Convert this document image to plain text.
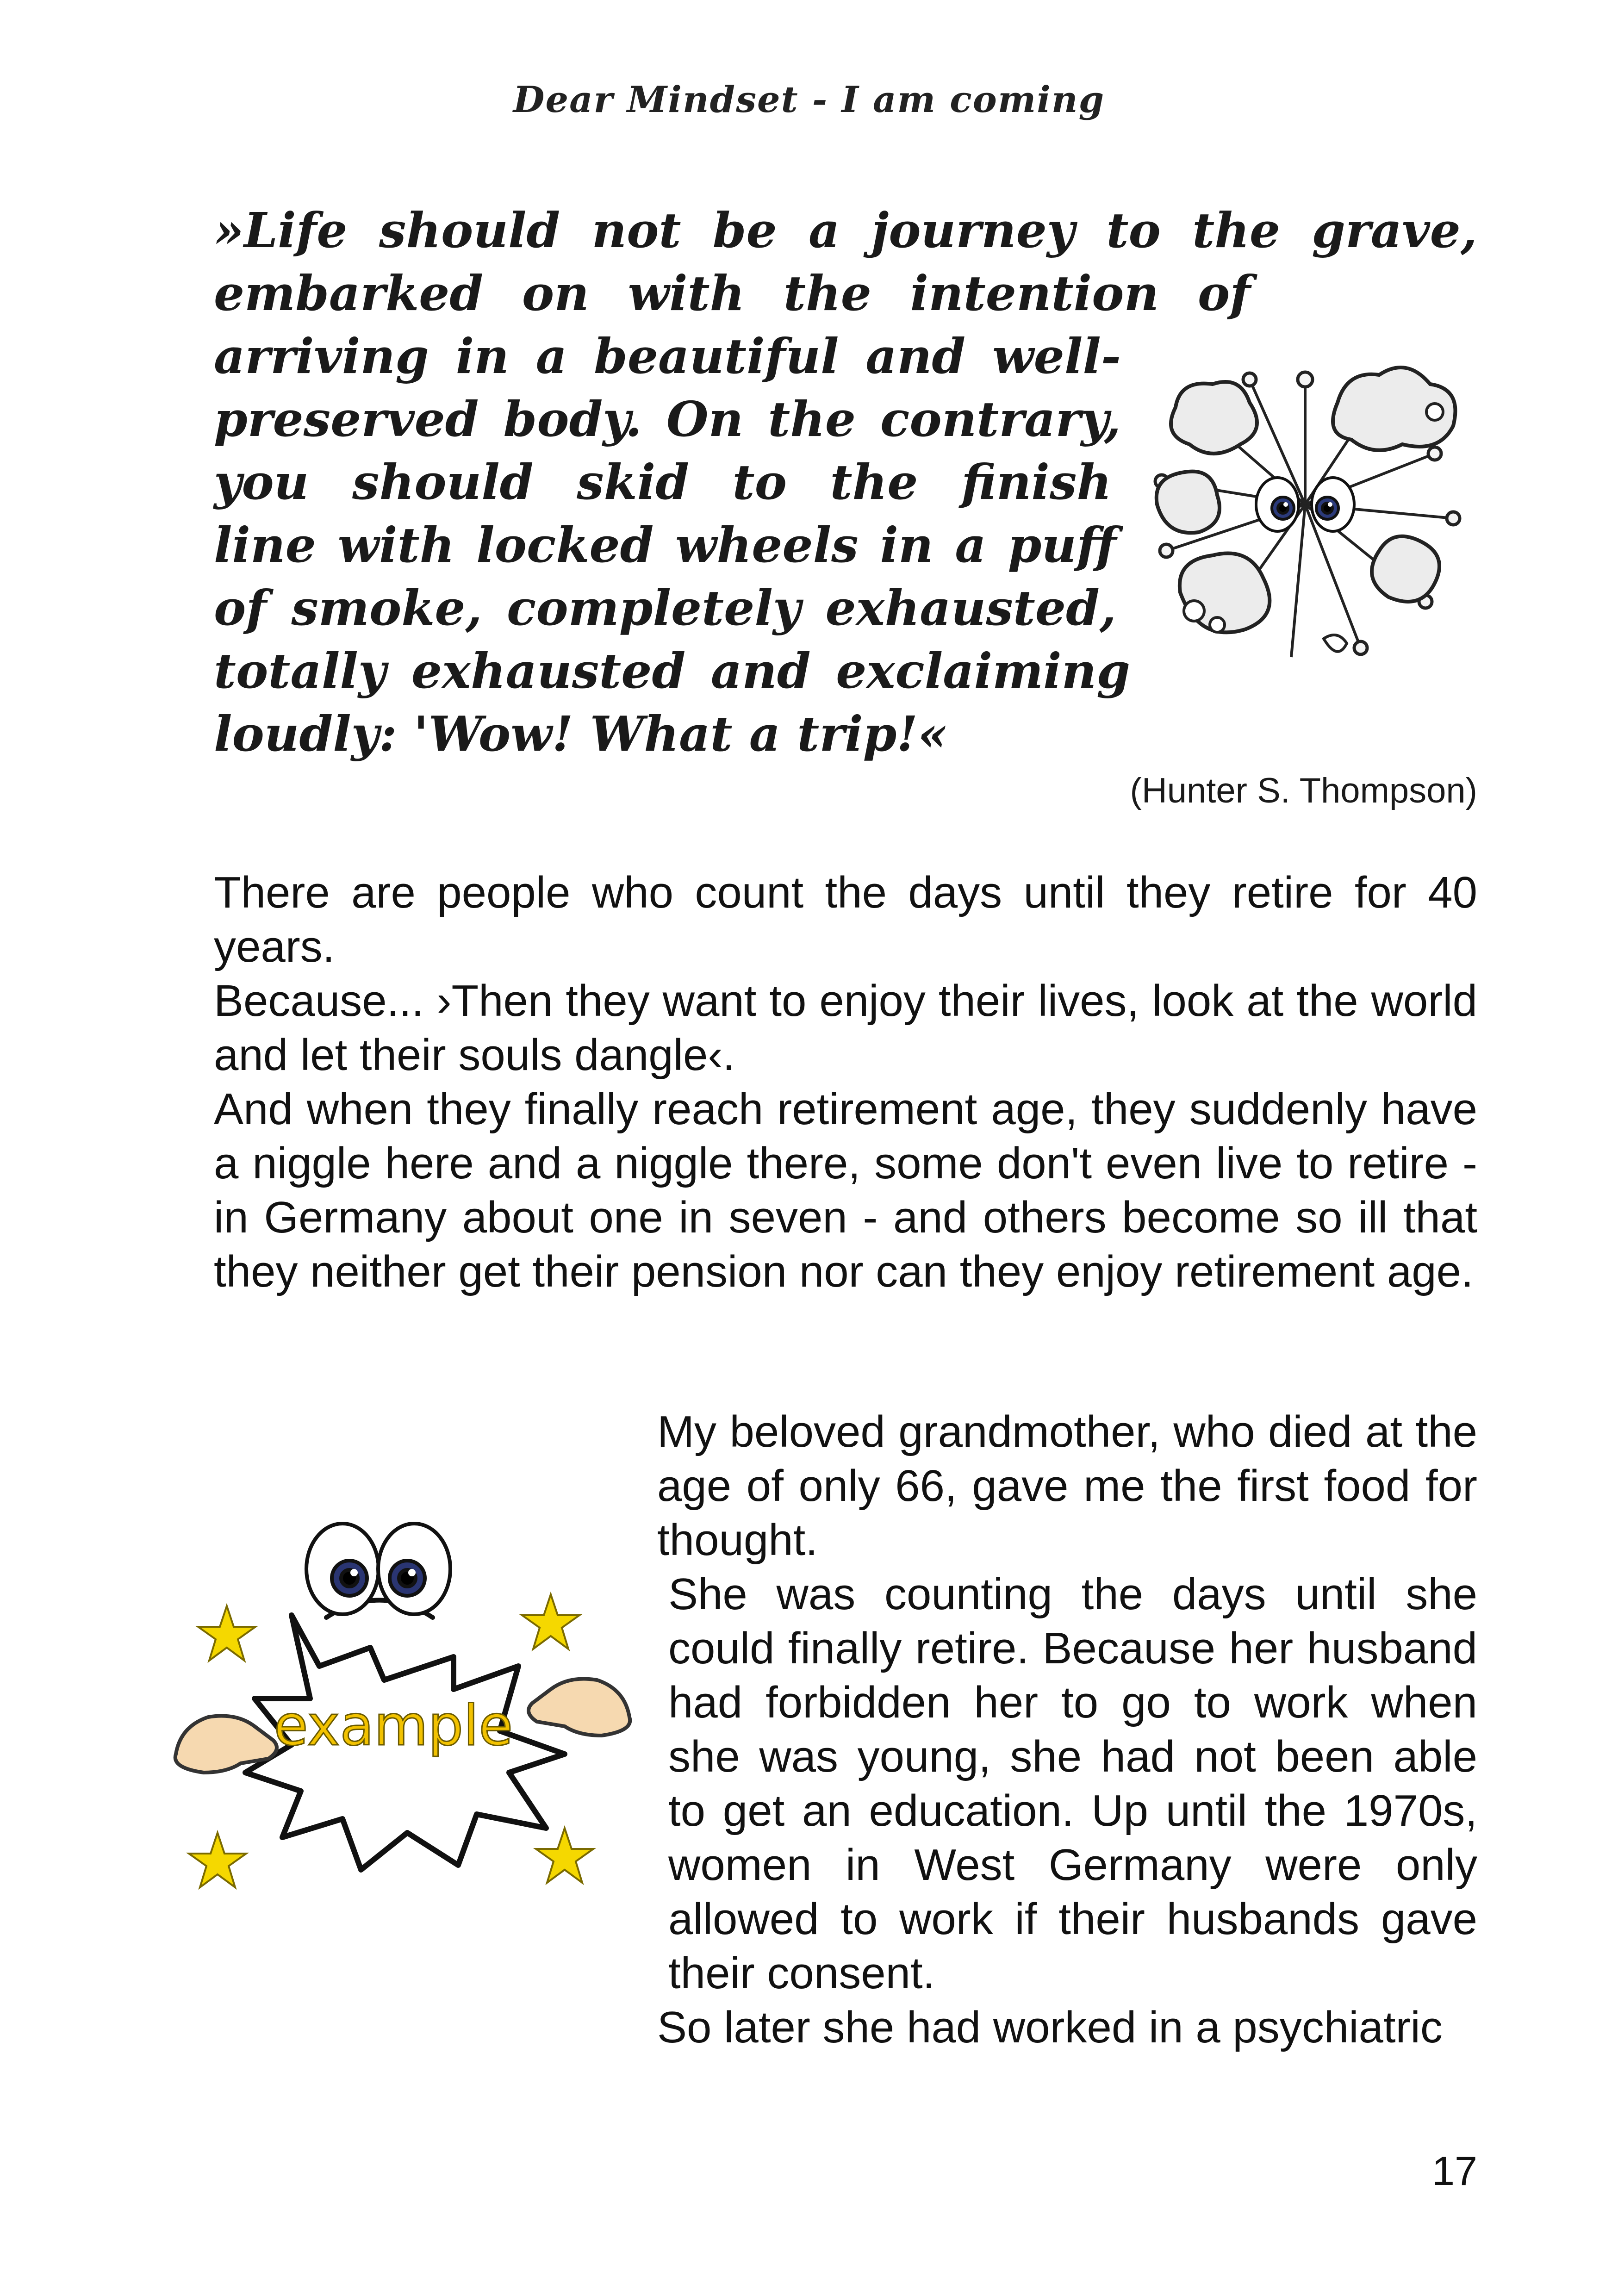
Dear Mindset - I am coming
»Life should not be a journey to the grave,
embarked on with the intention of
arriving in a beautiful and well-
preserved body. On the contrary,
you should skid to the finish
line with locked wheels in a puff
of smoke, completely exhausted,
totally exhausted and exclaiming
loudly: 'Wow! What a trip!«
(Hunter S. Thompson)

There are people who count the days until they retire for 40 years.

Because... ›Then they want to enjoy their lives, look at the world and let their souls dangle‹.

And when they finally reach retirement age, they suddenly have a niggle here and a niggle there, some don't even live to retire - in Germany about one in seven - and others become so ill that they neither get their pension nor can they enjoy retirement age.

example

My beloved grandmother, who died at the age of only 66, gave me the first food for thought.

She was counting the days until she could finally retire. Because her husband had forbidden her to go to work when she was young, she had not been able to get an education. Up until the 1970s, women in West Germany were only allowed to work if their husbands gave their consent.

So later she had worked in a psychiatric

17
